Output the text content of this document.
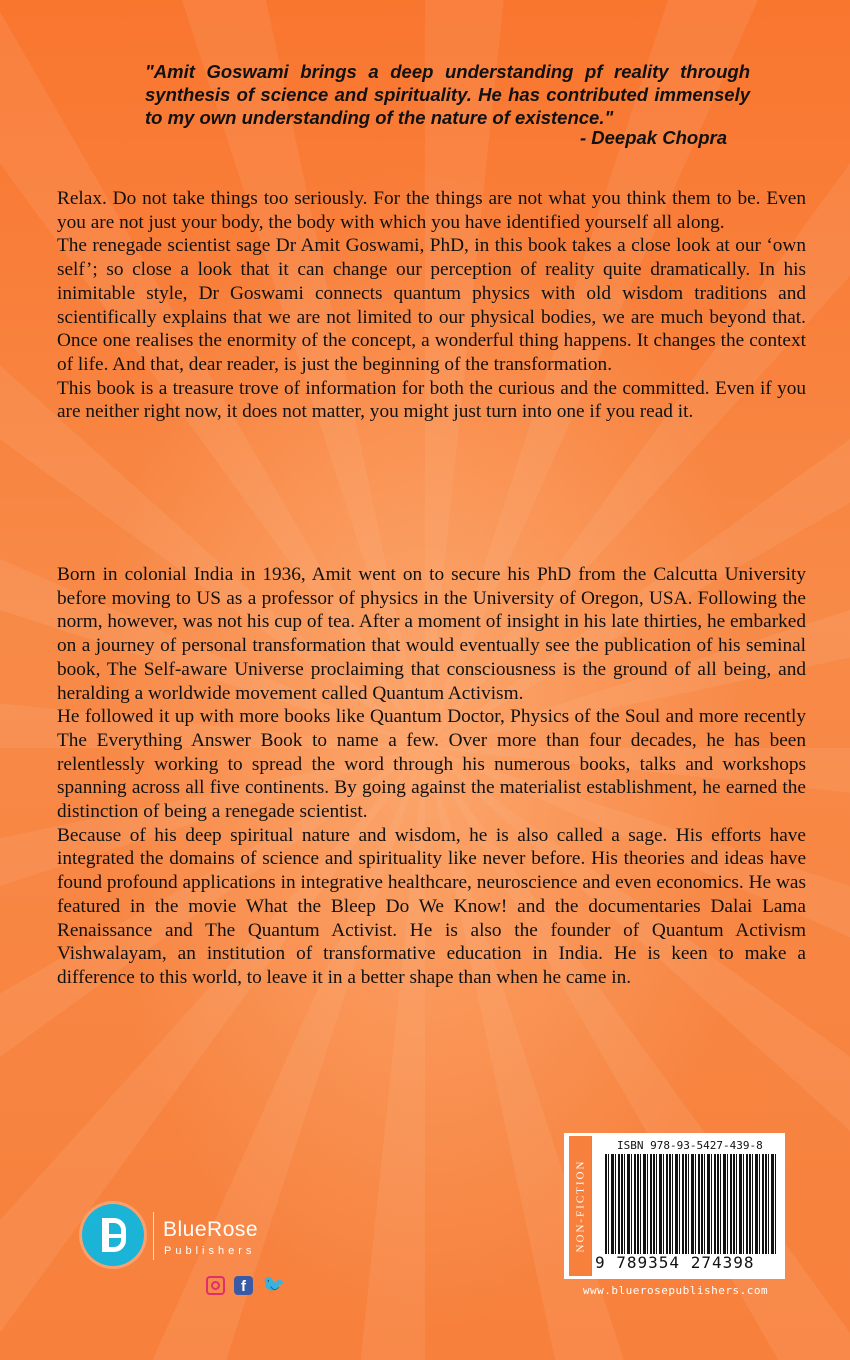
"Amit Goswami brings a deep understanding pf reality through synthesis of science and spirituality. He has contributed immensely to my own understanding of the nature of existence."
- Deepak Chopra

Relax. Do not take things too seriously. For the things are not what you think them to be. Even you are not just your body, the body with which you have identified yourself all along.

The renegade scientist sage Dr Amit Goswami, PhD, in this book takes a close look at our ‘own self’; so close a look that it can change our perception of reality quite dramatically. In his inimitable style, Dr Goswami connects quantum physics with old wisdom traditions and scientifically explains that we are not limited to our physical bodies, we are much beyond that. Once one realises the enormity of the concept, a wonderful thing happens. It changes the context of life. And that, dear reader, is just the beginning of the transformation.

This book is a treasure trove of information for both the curious and the committed. Even if you are neither right now, it does not matter, you might just turn into one if you read it.

Born in colonial India in 1936, Amit went on to secure his PhD from the Calcutta University before moving to US as a professor of physics in the University of Oregon, USA. Following the norm, however, was not his cup of tea. After a moment of insight in his late thirties, he embarked on a journey of personal transformation that would eventually see the publication of his seminal book, The Self-aware Universe proclaiming that consciousness is the ground of all being, and heralding a worldwide movement called Quantum Activism.

He followed it up with more books like Quantum Doctor, Physics of the Soul and more recently The Everything Answer Book to name a few. Over more than four decades, he has been relentlessly working to spread the word through his numerous books, talks and workshops spanning across all five continents. By going against the materialist establishment, he earned the distinction of being a renegade scientist.

Because of his deep spiritual nature and wisdom, he is also called a sage. His efforts have integrated the domains of science and spirituality like never before. His theories and ideas have found profound applications in integrative healthcare, neuroscience and even economics. He was featured in the movie What the Bleep Do We Know! and the documentaries Dalai Lama Renaissance and The Quantum Activist. He is also the founder of Quantum Activism Vishwalayam, an institution of transformative education in India. He is keen to make a difference to this world, to leave it in a better shape than when he came in.

BlueRose
Publishers
f 🐦
NON-FICTION
ISBN 978-93-5427-439-8
9 789354 274398
www.bluerosepublishers.com
